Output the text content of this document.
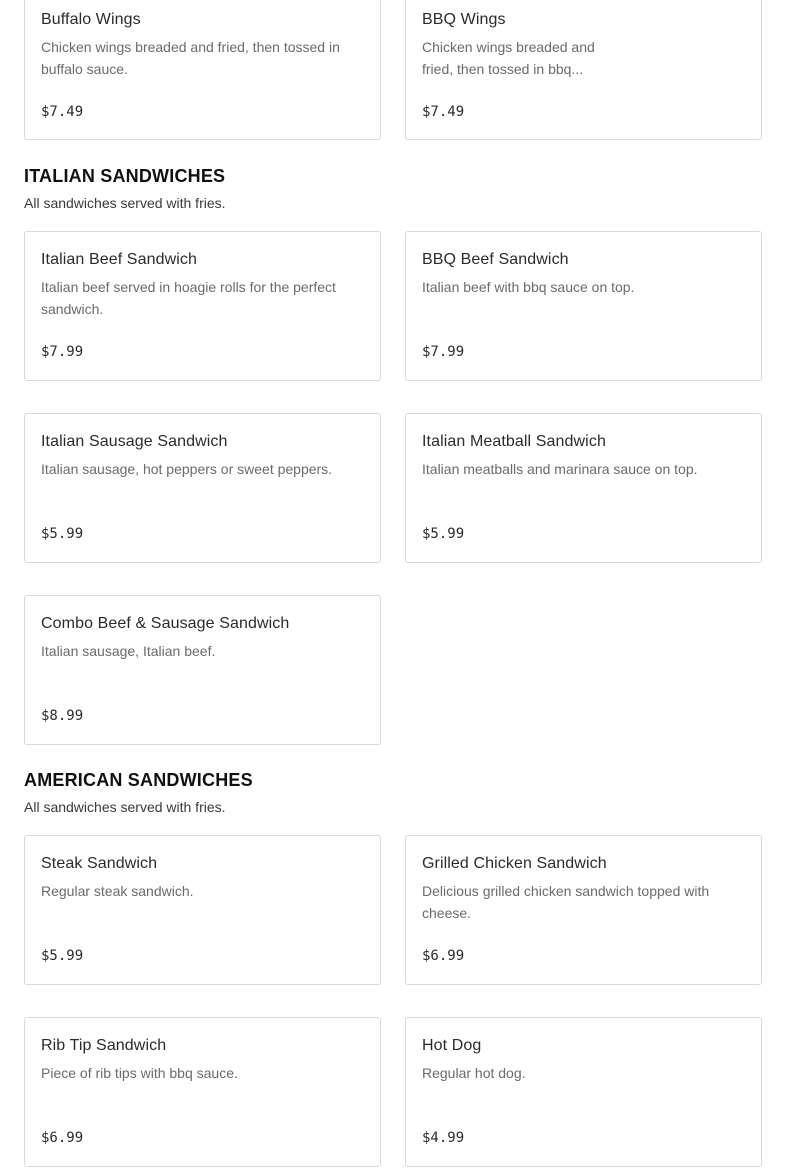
Buffalo Wings
Chicken wings breaded and fried, then tossed in buffalo sauce.
$7.49
BBQ Wings
Chicken wings breaded and fried, then tossed in bbq...
$7.49
ITALIAN SANDWICHES
All sandwiches served with fries.
Italian Beef Sandwich
Italian beef served in hoagie rolls for the perfect sandwich.
$7.99
BBQ Beef Sandwich
Italian beef with bbq sauce on top.
$7.99
Italian Sausage Sandwich
Italian sausage, hot peppers or sweet peppers.
$5.99
Italian Meatball Sandwich
Italian meatballs and marinara sauce on top.
$5.99
Combo Beef & Sausage Sandwich
Italian sausage, Italian beef.
$8.99
AMERICAN SANDWICHES
All sandwiches served with fries.
Steak Sandwich
Regular steak sandwich.
$5.99
Grilled Chicken Sandwich
Delicious grilled chicken sandwich topped with cheese.
$6.99
Rib Tip Sandwich
Piece of rib tips with bbq sauce.
$6.99
Hot Dog
Regular hot dog.
$4.99
